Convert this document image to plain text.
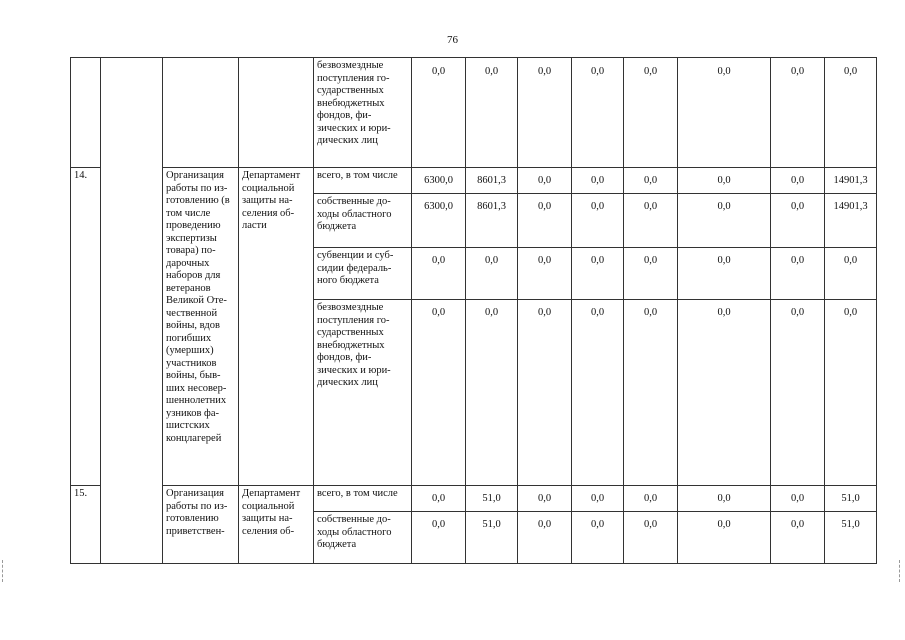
76
				безвозмездные поступления го-сударственных внебюджетных фондов, фи-зических и юри-дических лиц	0,0	0,0	0,0	0,0	0,0	0,0	0,0	0,0
14.		Организация работы по из-готовлению (в том числе проведению экспертизы товара) по-дарочных наборов для ветеранов Великой Оте-чественной войны, вдов погибших (умерших) участников войны, быв-ших несовер-шеннолетних узников фа-шистских концлагерей	Департамент социальной защиты на-селения об-ласти	всего, в том числе	6300,0	8601,3	0,0	0,0	0,0	0,0	0,0	14901,3
				собственные до-ходы областного бюджета	6300,0	8601,3	0,0	0,0	0,0	0,0	0,0	14901,3
				субвенции и суб-сидии федераль-ного бюджета	0,0	0,0	0,0	0,0	0,0	0,0	0,0	0,0
				безвозмездные поступления го-сударственных внебюджетных фондов, фи-зических и юри-дических лиц	0,0	0,0	0,0	0,0	0,0	0,0	0,0	0,0
15.		Организация работы по из-готовлению приветствен-	Департамент социальной защиты на-селения об-	всего, в том числе	0,0	51,0	0,0	0,0	0,0	0,0	0,0	51,0
				собственные до-ходы областного бюджета	0,0	51,0	0,0	0,0	0,0	0,0	0,0	51,0
